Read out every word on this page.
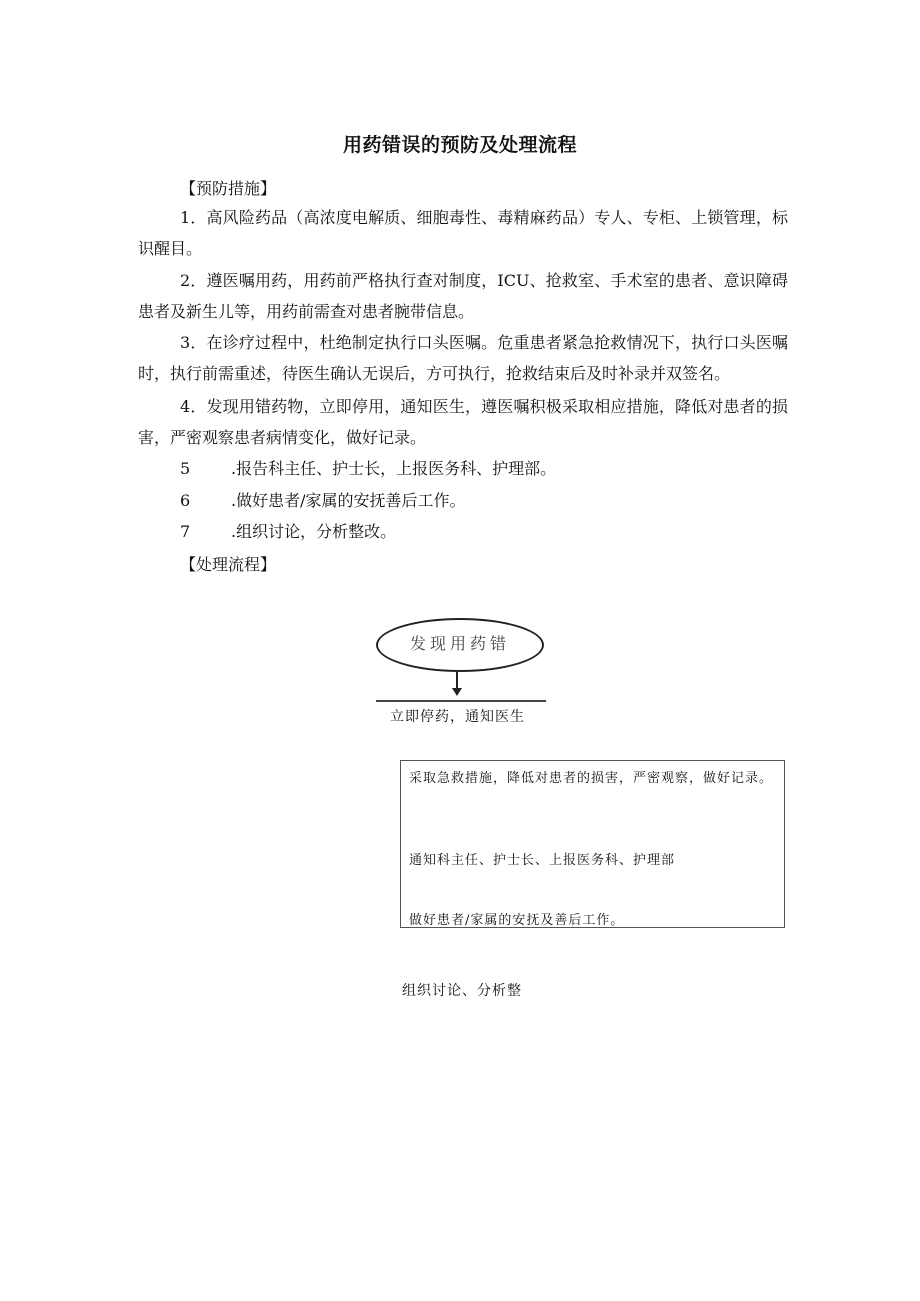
用药错误的预防及处理流程
【预防措施】
1．高风险药品（高浓度电解质、细胞毒性、毒精麻药品）专人、专柜、上锁管理，标识醒目。
2．遵医嘱用药，用药前严格执行查对制度，ICU、抢救室、手术室的患者、意识障碍患者及新生儿等，用药前需查对患者腕带信息。
3．在诊疗过程中，杜绝制定执行口头医嘱。危重患者紧急抢救情况下，执行口头医嘱时，执行前需重述，待医生确认无误后，方可执行，抢救结束后及时补录并双签名。
4．发现用错药物，立即停用，通知医生，遵医嘱积极采取相应措施，降低对患者的损害，严密观察患者病情变化，做好记录。
5	.报告科主任、护士长，上报医务科、护理部。
6	.做好患者/家属的安抚善后工作。
7	.组织讨论，分析整改。
【处理流程】
发现用药错
立即停药，通知医生
采取急救措施，降低对患者的损害，严密观察，做好记录。
通知科主任、护士长、上报医务科、护理部
做好患者/家属的安抚及善后工作。
组织讨论、分析整
